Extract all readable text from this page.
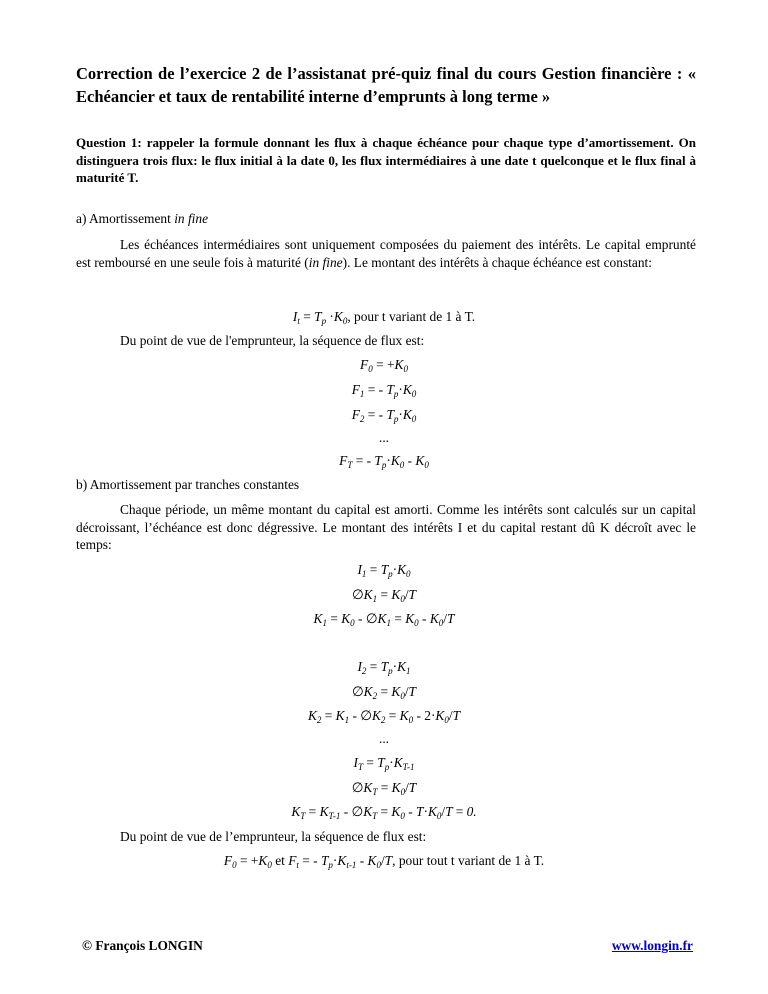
Correction de l’exercice 2 de l’assistanat pré-quiz final du cours Gestion financière : « Echéancier et taux de rentabilité interne d’emprunts à long terme »
Question 1: rappeler la formule donnant les flux à chaque échéance pour chaque type d’amortissement. On distinguera trois flux: le flux initial à la date 0, les flux intermédiaires à une date t quelconque et le flux final à maturité T.
a) Amortissement in fine
Les échéances intermédiaires sont uniquement composées du paiement des intérêts. Le capital emprunté est remboursé en une seule fois à maturité (in fine). Le montant des intérêts à chaque échéance est constant:
$I_t = T_p \cdot K_0$, pour t variant de 1 à T.
Du point de vue de l'emprunteur, la séquence de flux est:
$F_0 = +K_0$
$F_1$ = - $T_p\cdot K_0$
$F_2$ = - $T_p\cdot K_0$
...
$F_T$ = - $T_p\cdot K_0 - K_0$
b) Amortissement par tranches constantes
Chaque période, un même montant du capital est amorti. Comme les intérêts sont calculés sur un capital décroissant, l’échéance est donc dégressive. Le montant des intérêts I et du capital restant dû K décroît avec le temps:
$I_1 = T_p\cdot K_0$
$\emptyset K_1 = K_0/T$
$K_1 = K_0$ - $\emptyset K_1 = K_0 - K_0/T$
$I_2 = T_p\cdot K_1$
$\emptyset K_2 = K_0/T$
$K_2 = K_1$ - $\emptyset K_2 = K_0 - 2\cdot K_0/T$
...
$I_T = T_p\cdot K_{T-1}$
$\emptyset K_T = K_0/T$
$K_T = K_{T-1}$ - $\emptyset K_T = K_0 - T\cdot K_0/T = 0$.
Du point de vue de l’emprunteur, la séquence de flux est:
$F_0 = +K_0$ et $F_t$ = - $T_p\cdot K_{t-1} - K_0/T$, pour tout t variant de 1 à T.
© François LONGIN	www.longin.fr
